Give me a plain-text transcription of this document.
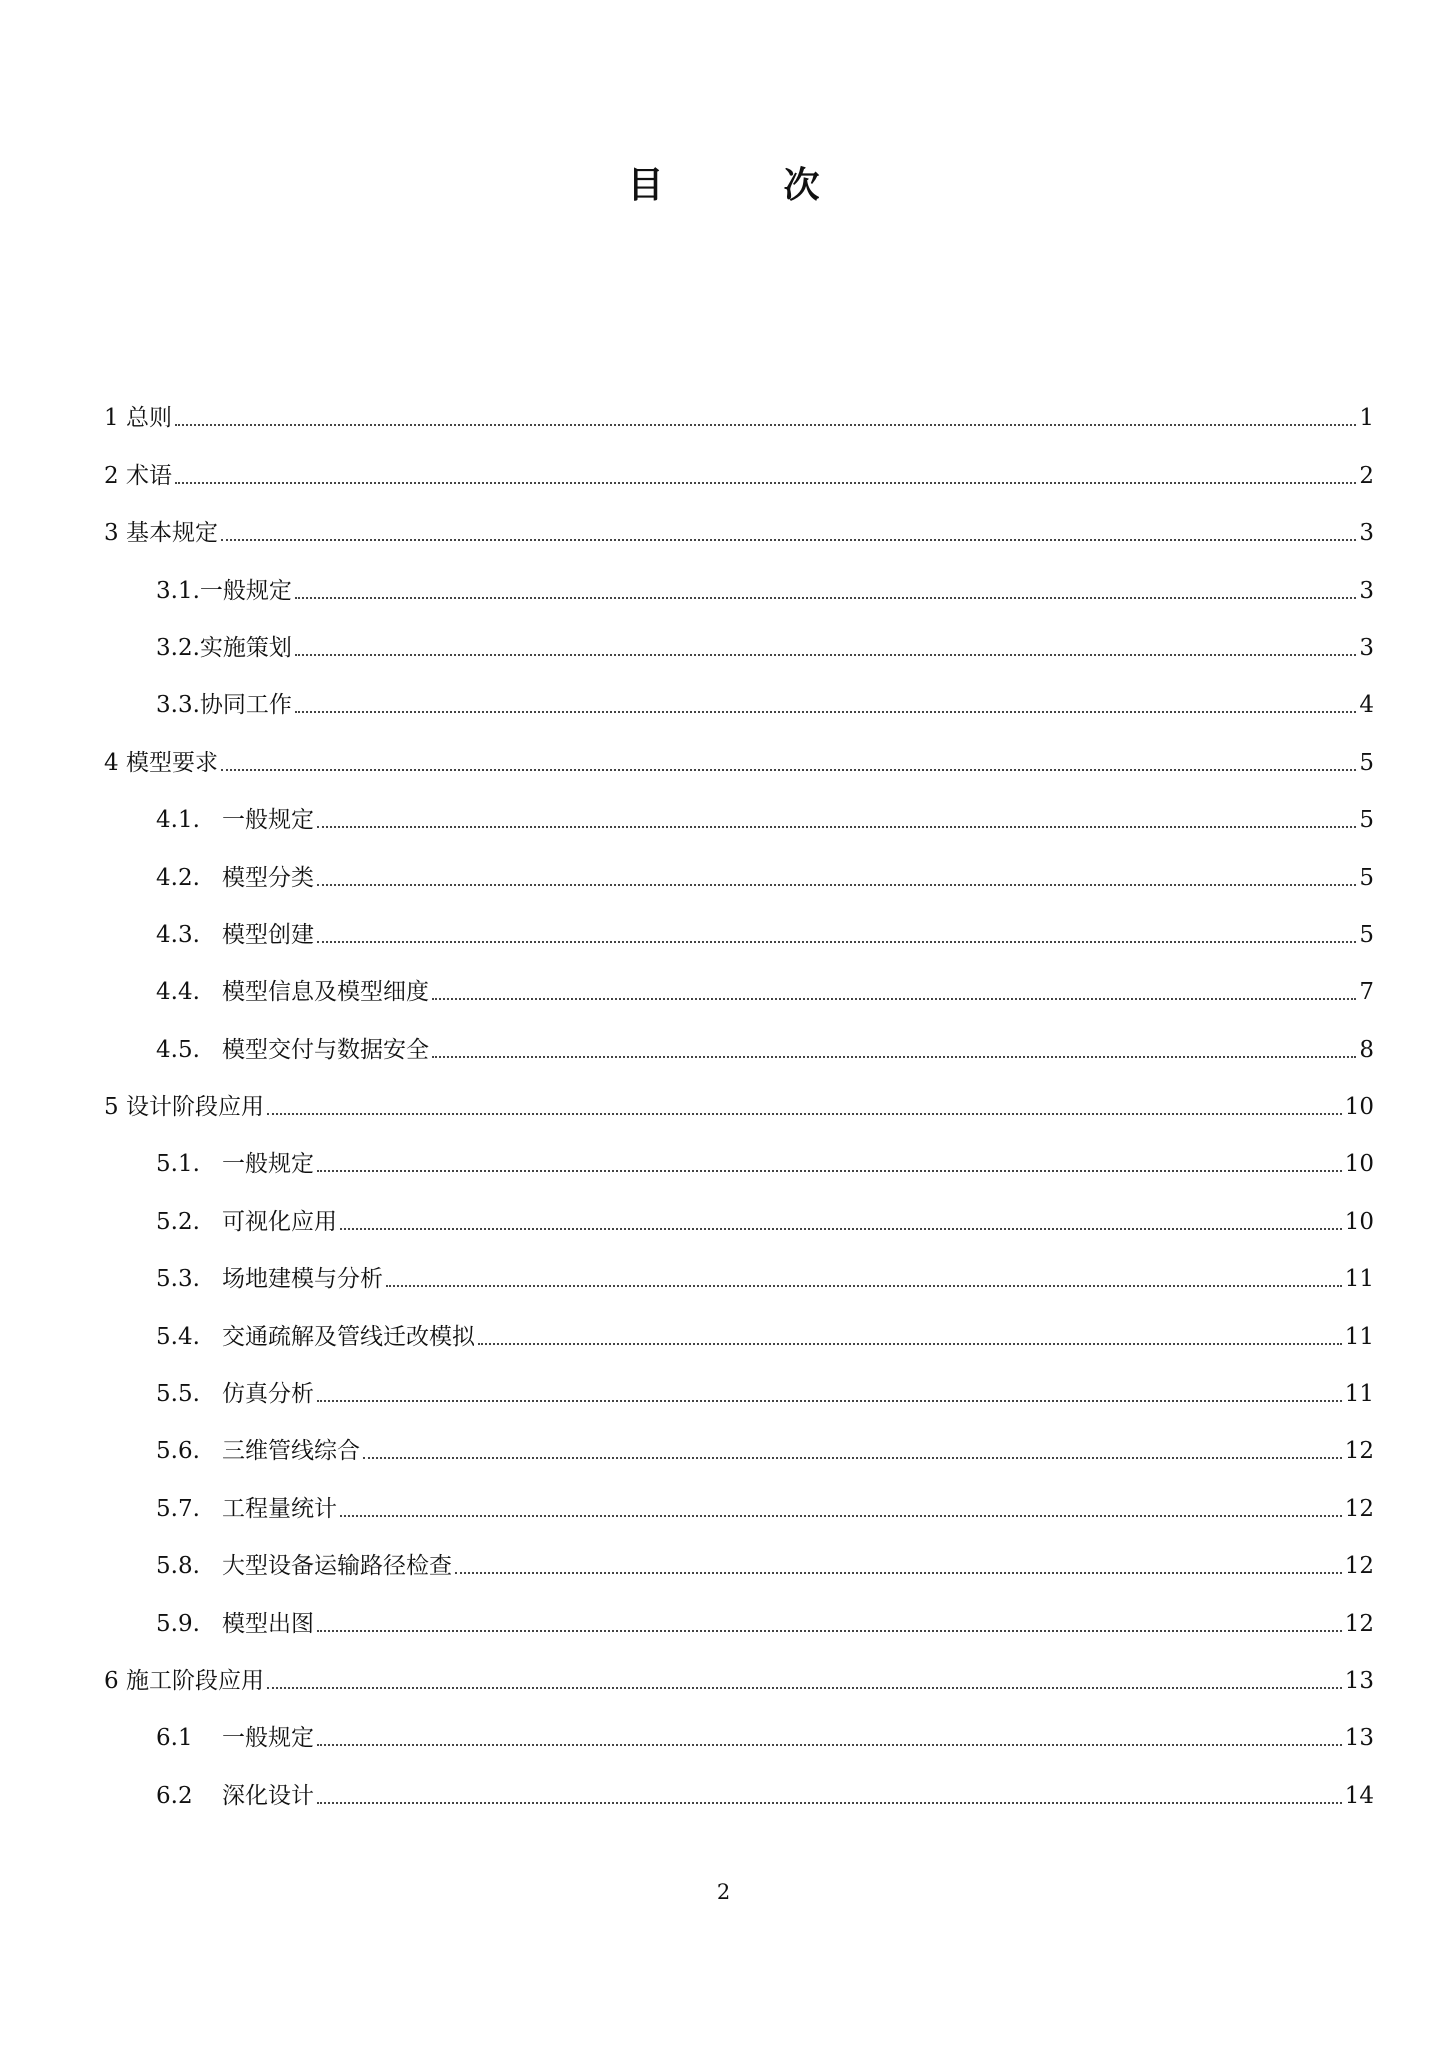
目　次
1 总则	1
2 术语	2
3 基本规定	3
3.1. 一般规定	3
3.2. 实施策划	3
3.3. 协同工作	4
4 模型要求	5
4.1. 一般规定	5
4.2. 模型分类	5
4.3. 模型创建	5
4.4. 模型信息及模型细度	7
4.5. 模型交付与数据安全	8
5 设计阶段应用	10
5.1. 一般规定	10
5.2. 可视化应用	10
5.3. 场地建模与分析	11
5.4. 交通疏解及管线迁改模拟	11
5.5. 仿真分析	11
5.6. 三维管线综合	12
5.7. 工程量统计	12
5.8. 大型设备运输路径检查	12
5.9. 模型出图	12
6 施工阶段应用	13
6.1	一般规定	13
6.2	深化设计	14
2
